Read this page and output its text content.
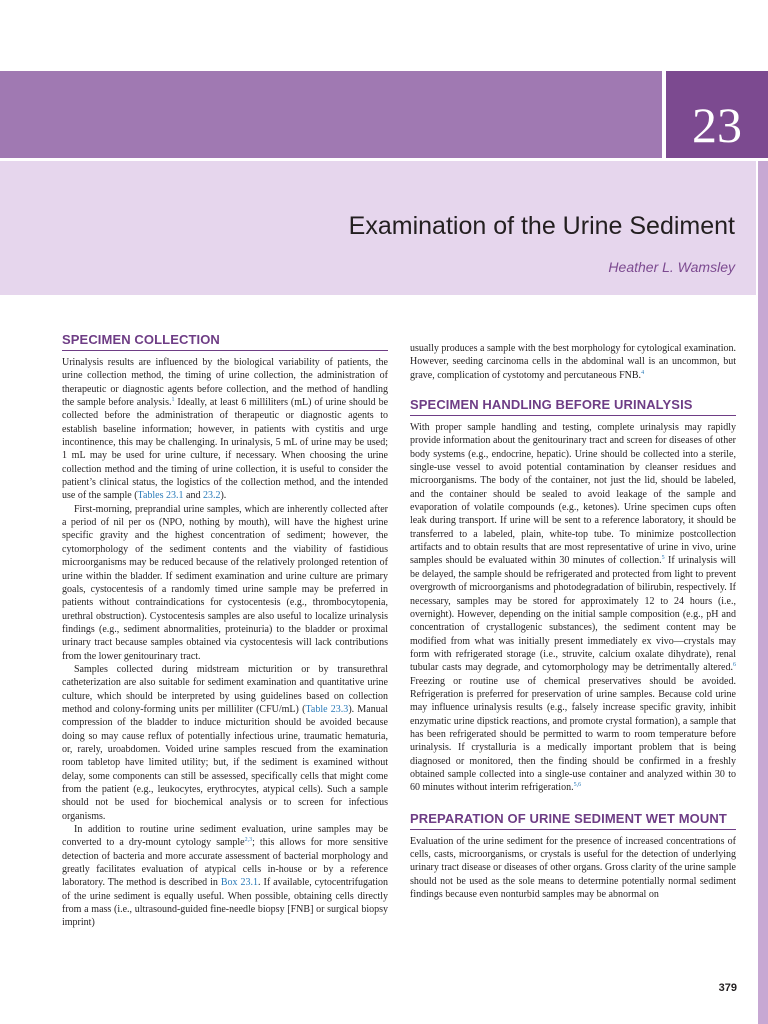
23
Examination of the Urine Sediment
Heather L. Wamsley
SPECIMEN COLLECTION

Urinalysis results are influenced by the biological variability of patients, the urine collection method, the timing of urine collection, the administration of therapeutic or diagnostic agents before collection, and the method of handling the sample before analysis.$^1$ Ideally, at least 6 milliliters (mL) of urine should be collected before the administration of therapeutic or diagnostic agents to establish baseline information; however, in patients with cystitis and urge incontinence, this may be challenging. In urinalysis, 5 mL of urine may be used; 1 mL may be used for urine culture, if necessary. When choosing the urine collection method and the timing of urine collection, it is useful to consider the patient’s clinical status, the logistics of the collection method, and the intended use of the sample (Tables 23.1 and 23.2).

First-morning, preprandial urine samples, which are inherently collected after a period of nil per os (NPO, nothing by mouth), will have the highest urine specific gravity and the highest concentration of sediment; however, the cytomorphology of the sediment contents and the viability of fastidious microorganisms may be reduced because of the relatively prolonged retention of urine within the bladder. If sediment examination and urine culture are primary goals, cystocentesis of a randomly timed urine sample may be preferred in patients without contraindications for cystocentesis (e.g., thrombocytopenia, urethral obstruction). Cystocentesis samples are also useful to localize urinalysis findings (e.g., sediment abnormalities, proteinuria) to the bladder or proximal urinary tract because samples obtained via cystocentesis will lack contributions from the lower genitourinary tract.

Samples collected during midstream micturition or by transurethral catheterization are also suitable for sediment examination and quantitative urine culture, which should be interpreted by using guidelines based on collection method and colony-forming units per milliliter (CFU/mL) (Table 23.3). Manual compression of the bladder to induce micturition should be avoided because doing so may cause reflux of potentially infectious urine, traumatic hematuria, or, rarely, uroabdomen. Voided urine samples rescued from the examination room tabletop have limited utility; but, if the sediment is examined without delay, some components can still be assessed, specifically cells that might come from the patient (e.g., leukocytes, erythrocytes, atypical cells). Such a sample should not be used for biochemical analysis or to screen for infectious organisms.

In addition to routine urine sediment evaluation, urine samples may be converted to a dry-mount cytology sample$^{2,3}$; this allows for more sensitive detection of bacteria and more accurate assessment of bacterial morphology and greatly facilitates evaluation of atypical cells in-house or by a reference laboratory. The method is described in Box 23.1. If available, cytocentrifugation of the urine sediment is equally useful. When possible, obtaining cells directly from a mass (i.e., ultrasound-guided fine-needle biopsy [FNB] or surgical biopsy imprint)

usually produces a sample with the best morphology for cytological examination. However, seeding carcinoma cells in the abdominal wall is an uncommon, but grave, complication of cystotomy and percutaneous FNB.$^4$

SPECIMEN HANDLING BEFORE URINALYSIS

With proper sample handling and testing, complete urinalysis may rapidly provide information about the genitourinary tract and screen for diseases of other body systems (e.g., endocrine, hepatic). Urine should be collected into a sterile, single-use vessel to avoid potential contamination by cleanser residues and microorganisms. The body of the container, not just the lid, should be labeled, and the container should be sealed to avoid leakage of the sample and evaporation of volatile compounds (e.g., ketones). Urine specimen cups often leak during transport. If urine will be sent to a reference laboratory, it should be transferred to a labeled, plain, white-top tube. To minimize postcollection artifacts and to obtain results that are most representative of urine in vivo, urine samples should be evaluated within 30 minutes of collection.$^5$ If urinalysis will be delayed, the sample should be refrigerated and protected from light to prevent overgrowth of microorganisms and photodegradation of bilirubin, respectively. If necessary, samples may be stored for approximately 12 to 24 hours (i.e., overnight). However, depending on the initial sample composition (e.g., pH and concentration of crystallogenic substances), the sediment content may be modified from what was initially present immediately ex vivo—crystals may form with refrigerated storage (i.e., struvite, calcium oxalate dihydrate), renal tubular casts may degrade, and cytomorphology may be detrimentally altered.$^6$ Freezing or routine use of chemical preservatives should be avoided. Refrigeration is preferred for preservation of urine samples. Because cold urine may influence urinalysis results (e.g., falsely increase specific gravity, inhibit enzymatic urine dipstick reactions, and promote crystal formation), a sample that has been refrigerated should be permitted to warm to room temperature before urinalysis. If crystalluria is a medically important problem that is being diagnosed or monitored, then the finding should be confirmed in a freshly obtained sample collected into a single-use container and analyzed within 30 to 60 minutes without interim refrigeration.$^{5,6}$

PREPARATION OF URINE SEDIMENT WET MOUNT

Evaluation of the urine sediment for the presence of increased concentrations of cells, casts, microorganisms, or crystals is useful for the detection of underlying urinary tract disease or diseases of other organs. Gross clarity of the urine sample should not be used as the sole means to determine potentially normal sediment findings because even nonturbid samples may be abnormal on

379
